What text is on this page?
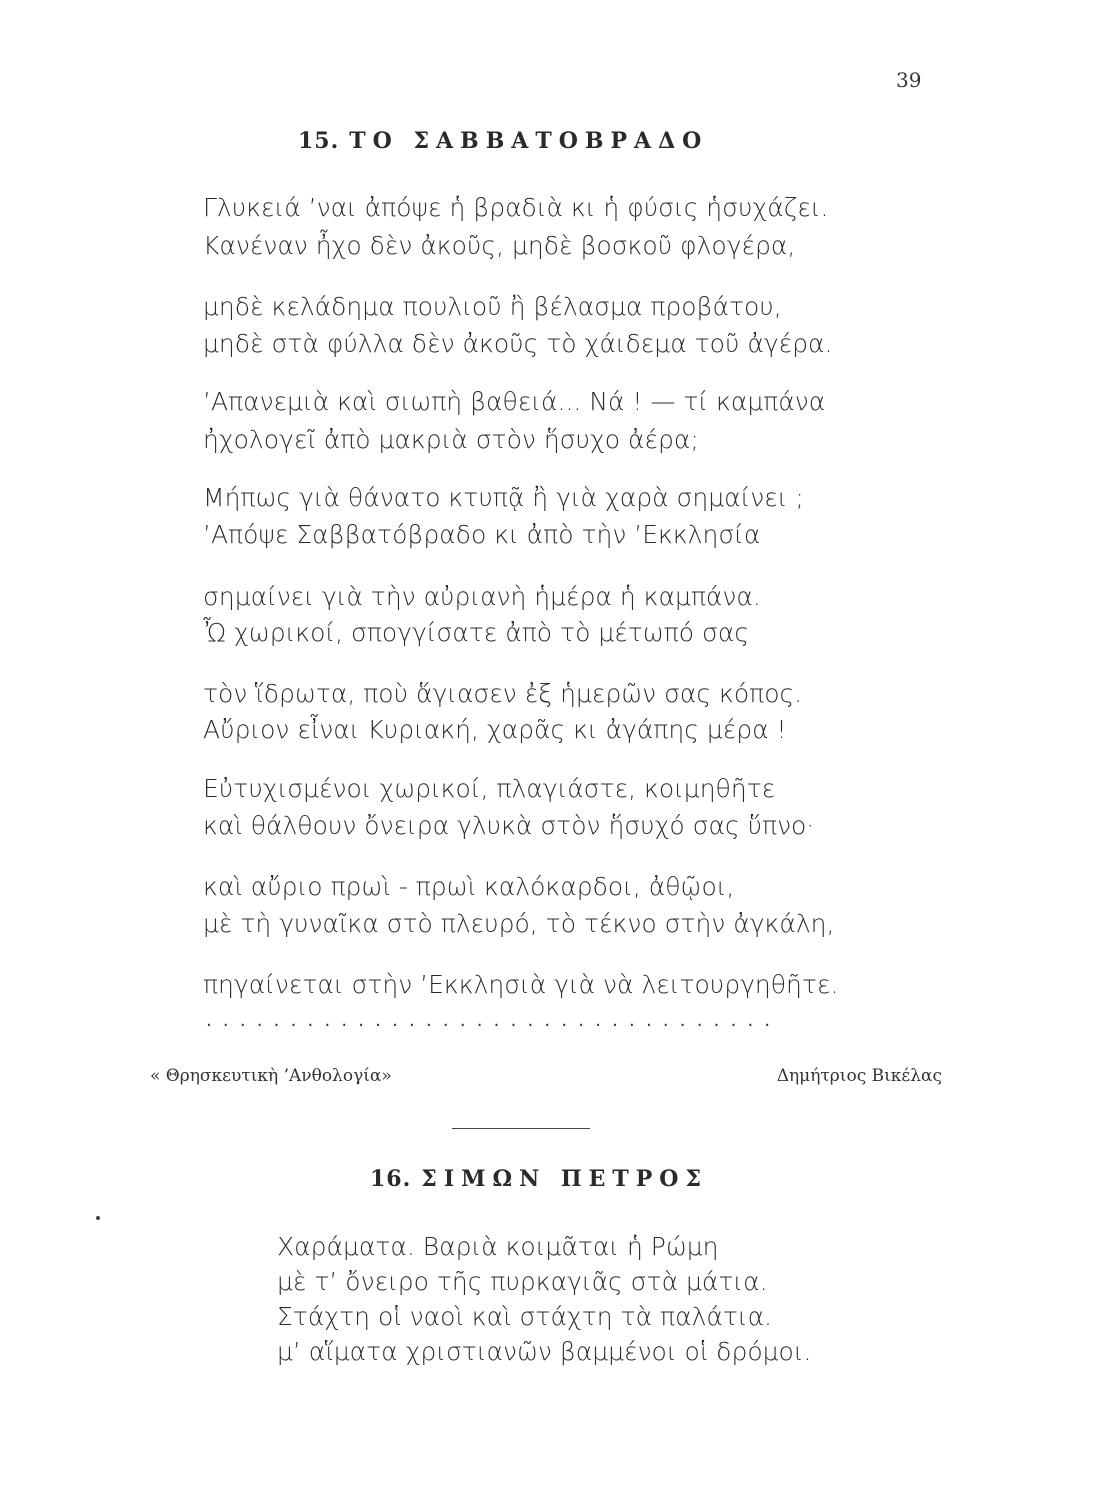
39
15. ΤΟ ΣΑΒΒΑΤΟΒΡΑΔΟ
Γλυκειά ’ναι ἀπόψε ἡ βραδιὰ κι ἡ φύσις ἡσυχάζει.
Κανέναν ἦχο δὲν ἀκοῦς, μηδὲ βοσκοῦ φλογέρα,
μηδὲ κελάδημα πουλιοῦ ἢ βέλασμα προβάτου,
μηδὲ στὰ φύλλα δὲν ἀκοῦς τὸ χάιδεμα τοῦ ἀγέρα.
’Απανεμιὰ καὶ σιωπὴ βαθειά... Νά ! — τί καμπάνα
ἠχολογεῖ ἀπὸ μακριὰ στὸν ἥσυχο ἀέρα;
Μήπως γιὰ θάνατο κτυπᾷ ἢ γιὰ χαρὰ σημαίνει ;
’Απόψε Σαββατόβραδο κι ἀπὸ τὴν ’Εκκλησία
σημαίνει γιὰ τὴν αὐριανὴ ἡμέρα ἡ καμπάνα.
Ὦ χωρικοί, σπογγίσατε ἀπὸ τὸ μέτωπό σας
τὸν ἵδρωτα, ποὺ ἅγιασεν ἐξ ἡμερῶν σας κόπος.
Αὔριον εἶναι Κυριακή, χαρᾶς κι ἀγάπης μέρα !
Εὐτυχισμένοι χωρικοί, πλαγιάστε, κοιμηθῆτε
καὶ θάλθουν ὄνειρα γλυκὰ στὸν ἥσυχό σας ὕπνο·
καὶ αὔριο πρωὶ - πρωὶ καλόκαρδοι, ἀθῷοι,
μὲ τὴ γυναῖκα στὸ πλευρό, τὸ τέκνο στὴν ἀγκάλη,
πηγαίνεται στὴν ’Εκκλησιὰ γιὰ νὰ λειτουργηθῆτε.
..................................
« Θρησκευτικὴ ’Ανθολογία»	Δημήτριος Βικέλας
16. ΣΙΜΩΝ ΠΕΤΡΟΣ
Χαράματα. Βαριὰ κοιμᾶται ἡ Ρώμη
μὲ τ’ ὄνειρο τῆς πυρκαγιᾶς στὰ μάτια.
Στάχτη οἱ ναοὶ καὶ στάχτη τὰ παλάτια.
μ’ αἵματα χριστιανῶν βαμμένοι οἱ δρόμοι.
